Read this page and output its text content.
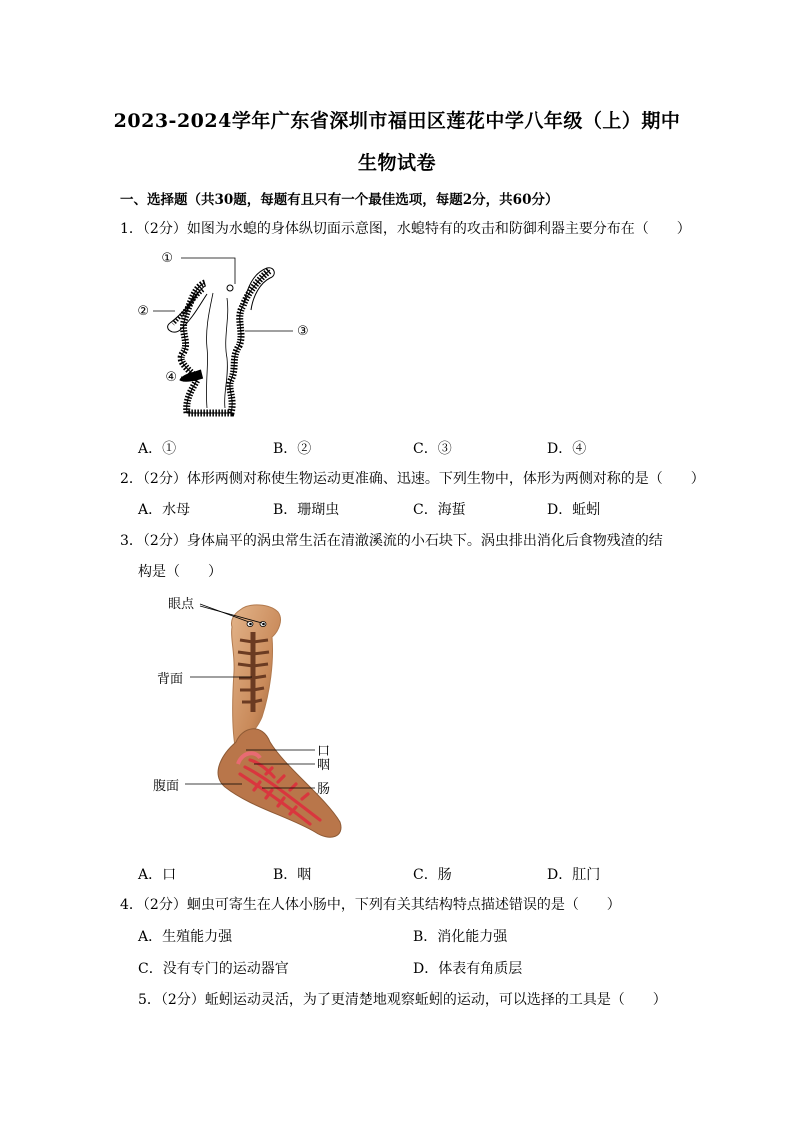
2023-2024学年广东省深圳市福田区莲花中学八年级（上）期中
生物试卷
一、选择题（共30题，每题有且只有一个最佳选项，每题2分，共60分）
1．（2分）如图为水螅的身体纵切面示意图，水螅特有的攻击和防御利器主要分布在（　　）
①
②
③
④
A．①	B．②	C．③	D．④
2．（2分）体形两侧对称使生物运动更准确、迅速。下列生物中，体形为两侧对称的是（　　）
A．水母	B．珊瑚虫	C．海蜇	D．蚯蚓
3．（2分）身体扁平的涡虫常生活在清澈溪流的小石块下。涡虫排出消化后食物残渣的结
构是（　　）
眼点
背面
口
咽
腹面	肠
A．口	B．咽	C．肠	D．肛门
4．（2分）蛔虫可寄生在人体小肠中，下列有关其结构特点描述错误的是（　　）
A．生殖能力强	B．消化能力强
C．没有专门的运动器官	D．体表有角质层
5．（2分）蚯蚓运动灵活，为了更清楚地观察蚯蚓的运动，可以选择的工具是（　　）
